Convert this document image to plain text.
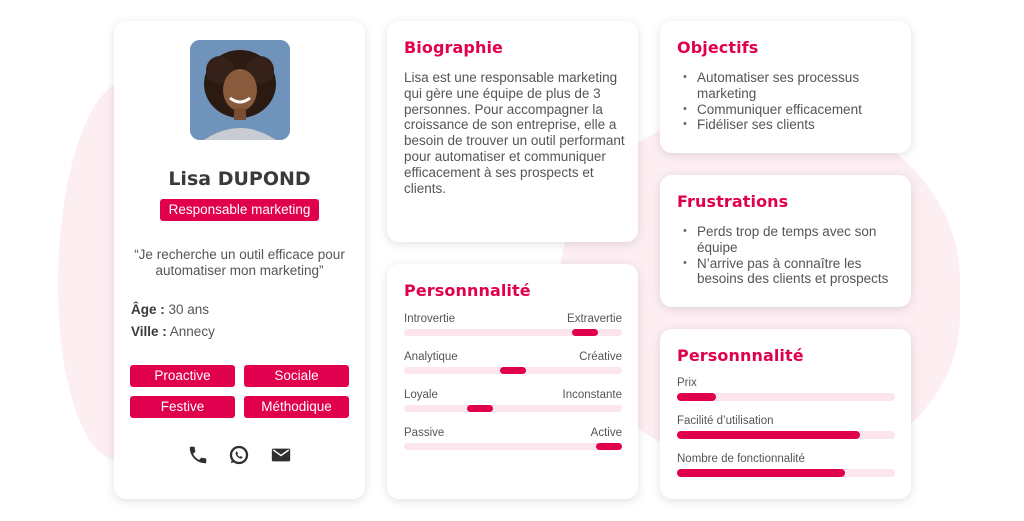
Lisa DUPOND
Responsable marketing
“Je recherche un outil efficace pour automatiser mon marketing”
Âge : 30 ans
Ville : Annecy
Proactive	Sociale
Festive	Méthodique
Biographie

Lisa est une responsable marketing qui gère une équipe de plus de 3 personnes. Pour accompagner la croissance de son entreprise, elle a besoin de trouver un outil performant pour automatiser et communiquer efficacement à ses prospects et clients.

Personnnalité
Introvertie	Extravertie
Analytique	Créative
Loyale	Inconstante
Passive	Active
Objectifs
• Automatiser ses processus marketing
• Communiquer efficacement
• Fidéliser ses clients
Frustrations
• Perds trop de temps avec son équipe
• N’arrive pas à connaître les besoins des clients et prospects
Personnnalité
Prix
Facilité d’utilisation
Nombre de fonctionnalité
